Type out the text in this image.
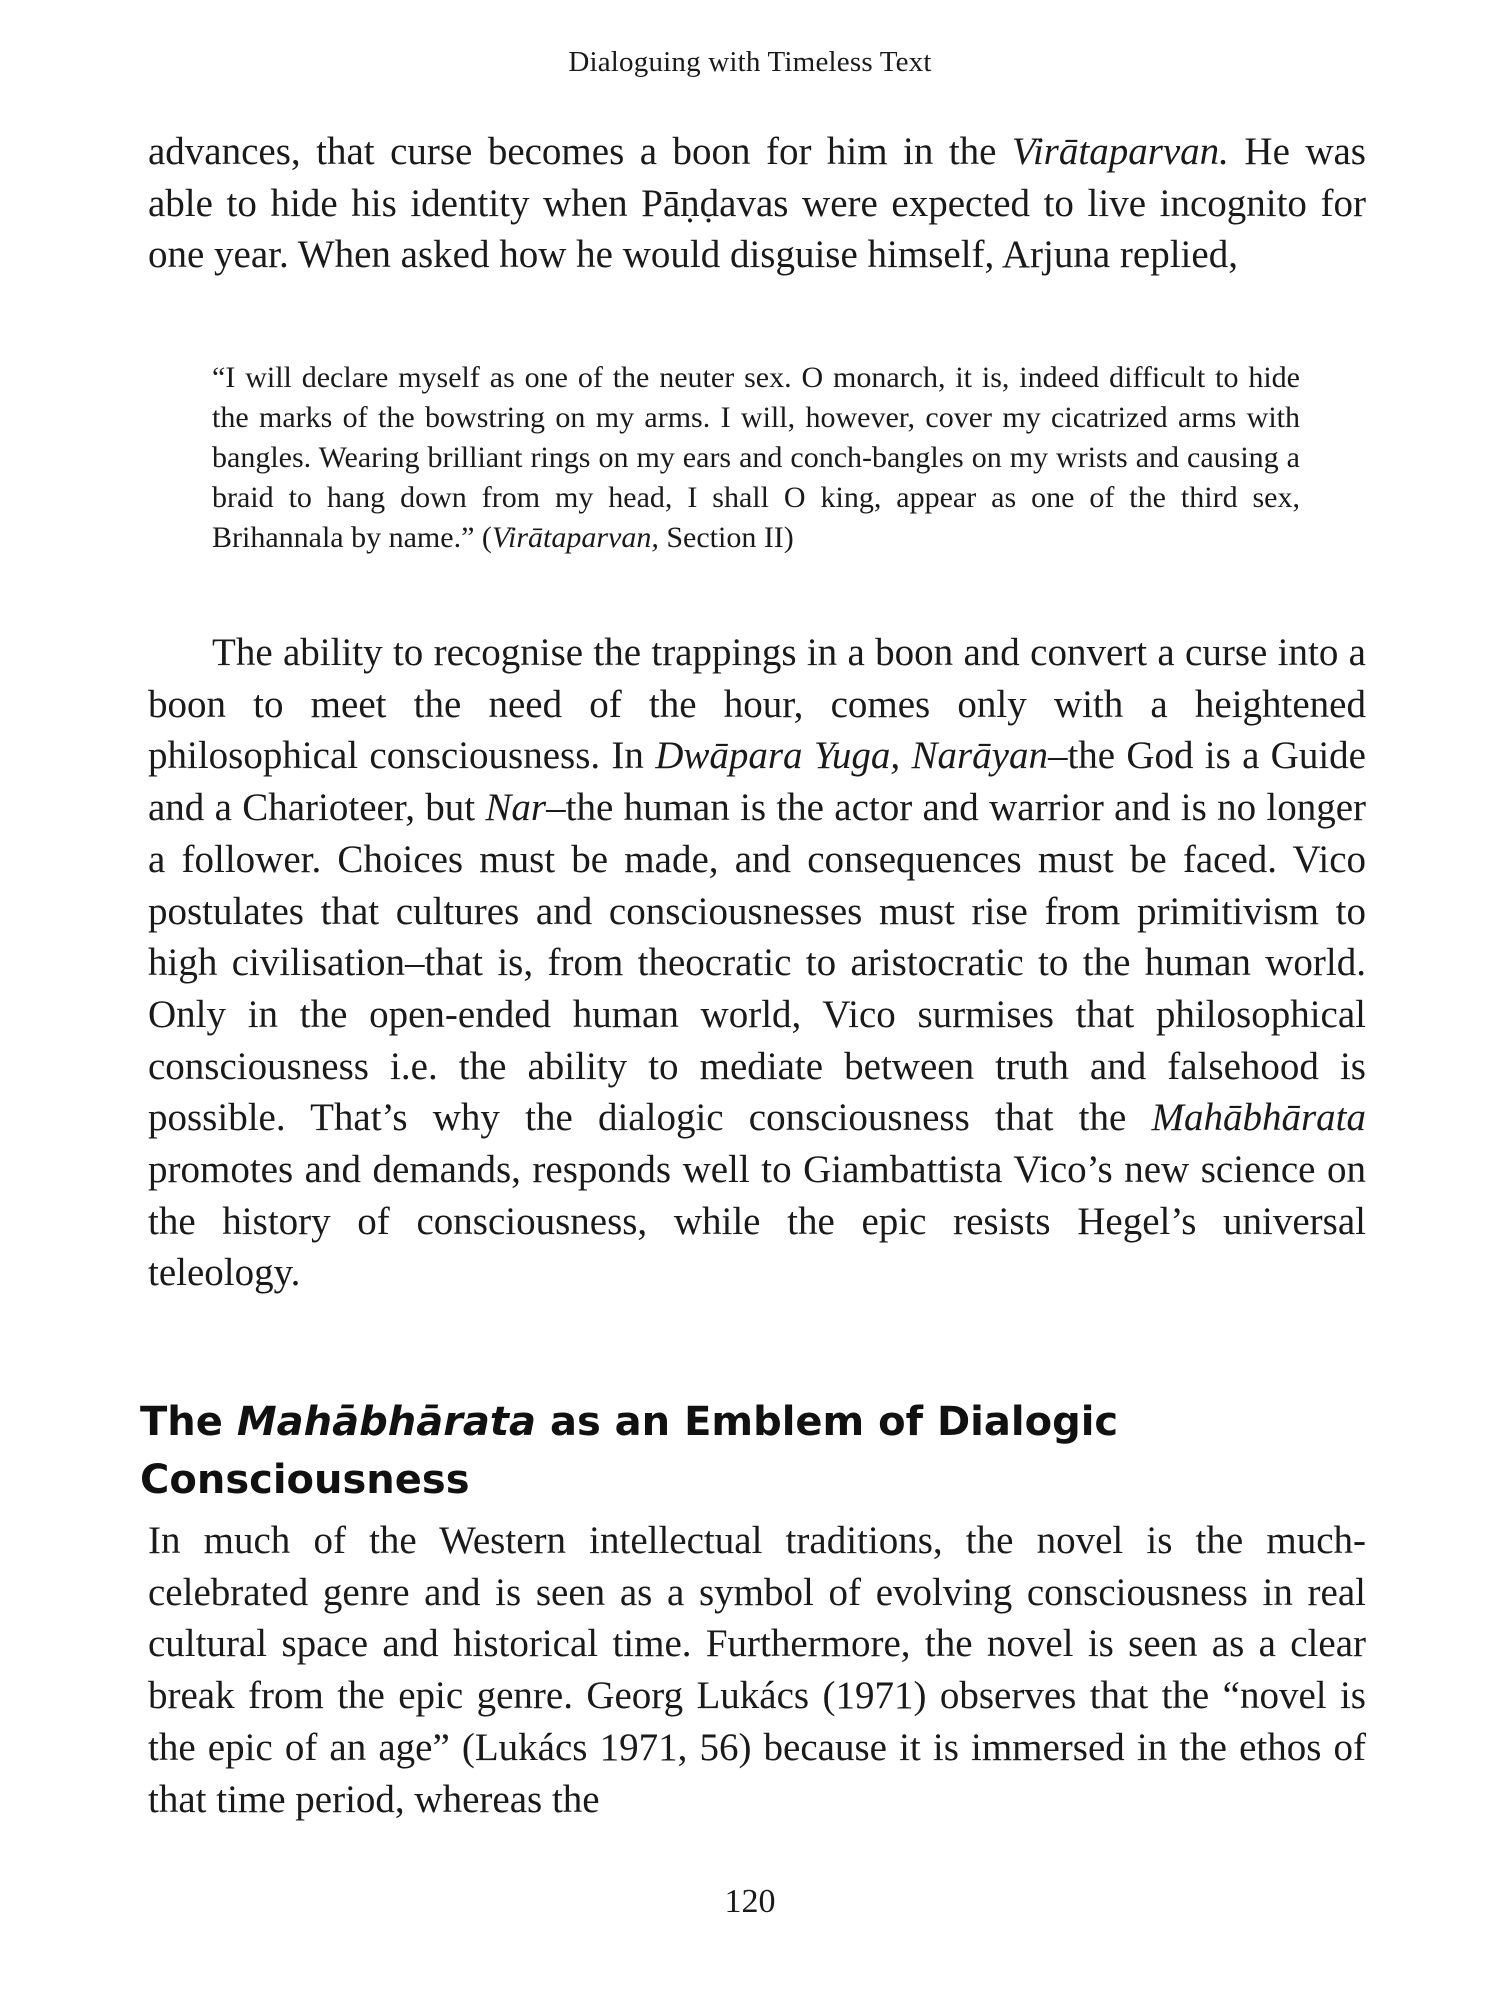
Dialoguing with Timeless Text

advances, that curse becomes a boon for him in the Virātaparvan. He was able to hide his identity when Pāṇḍavas were expected to live incognito for one year. When asked how he would disguise himself, Arjuna replied,

“I will declare myself as one of the neuter sex. O monarch, it is, indeed difficult to hide the marks of the bowstring on my arms. I will, however, cover my cicatrized arms with bangles. Wearing brilliant rings on my ears and conch-bangles on my wrists and causing a braid to hang down from my head, I shall O king, appear as one of the third sex, Brihannala by name.” (Virātaparvan, Section II)

The ability to recognise the trappings in a boon and convert a curse into a boon to meet the need of the hour, comes only with a heightened philosophical consciousness. In Dwāpara Yuga, Narāyan–the God is a Guide and a Charioteer, but Nar–the human is the actor and warrior and is no longer a follower. Choices must be made, and consequences must be faced. Vico postulates that cultures and consciousnesses must rise from primitivism to high civilisation–that is, from theocratic to aristocratic to the human world. Only in the open-ended human world, Vico surmises that philosophical consciousness i.e. the ability to mediate between truth and falsehood is possible. That’s why the dialogic consciousness that the Mahābhārata promotes and demands, responds well to Giambattista Vico’s new science on the history of consciousness, while the epic resists Hegel’s universal teleology.

The Mahābhārata as an Emblem of Dialogic Consciousness

In much of the Western intellectual traditions, the novel is the much-celebrated genre and is seen as a symbol of evolving consciousness in real cultural space and historical time. Furthermore, the novel is seen as a clear break from the epic genre. Georg Lukács (1971) observes that the “novel is the epic of an age” (Lukács 1971, 56) because it is immersed in the ethos of that time period, whereas the

120
